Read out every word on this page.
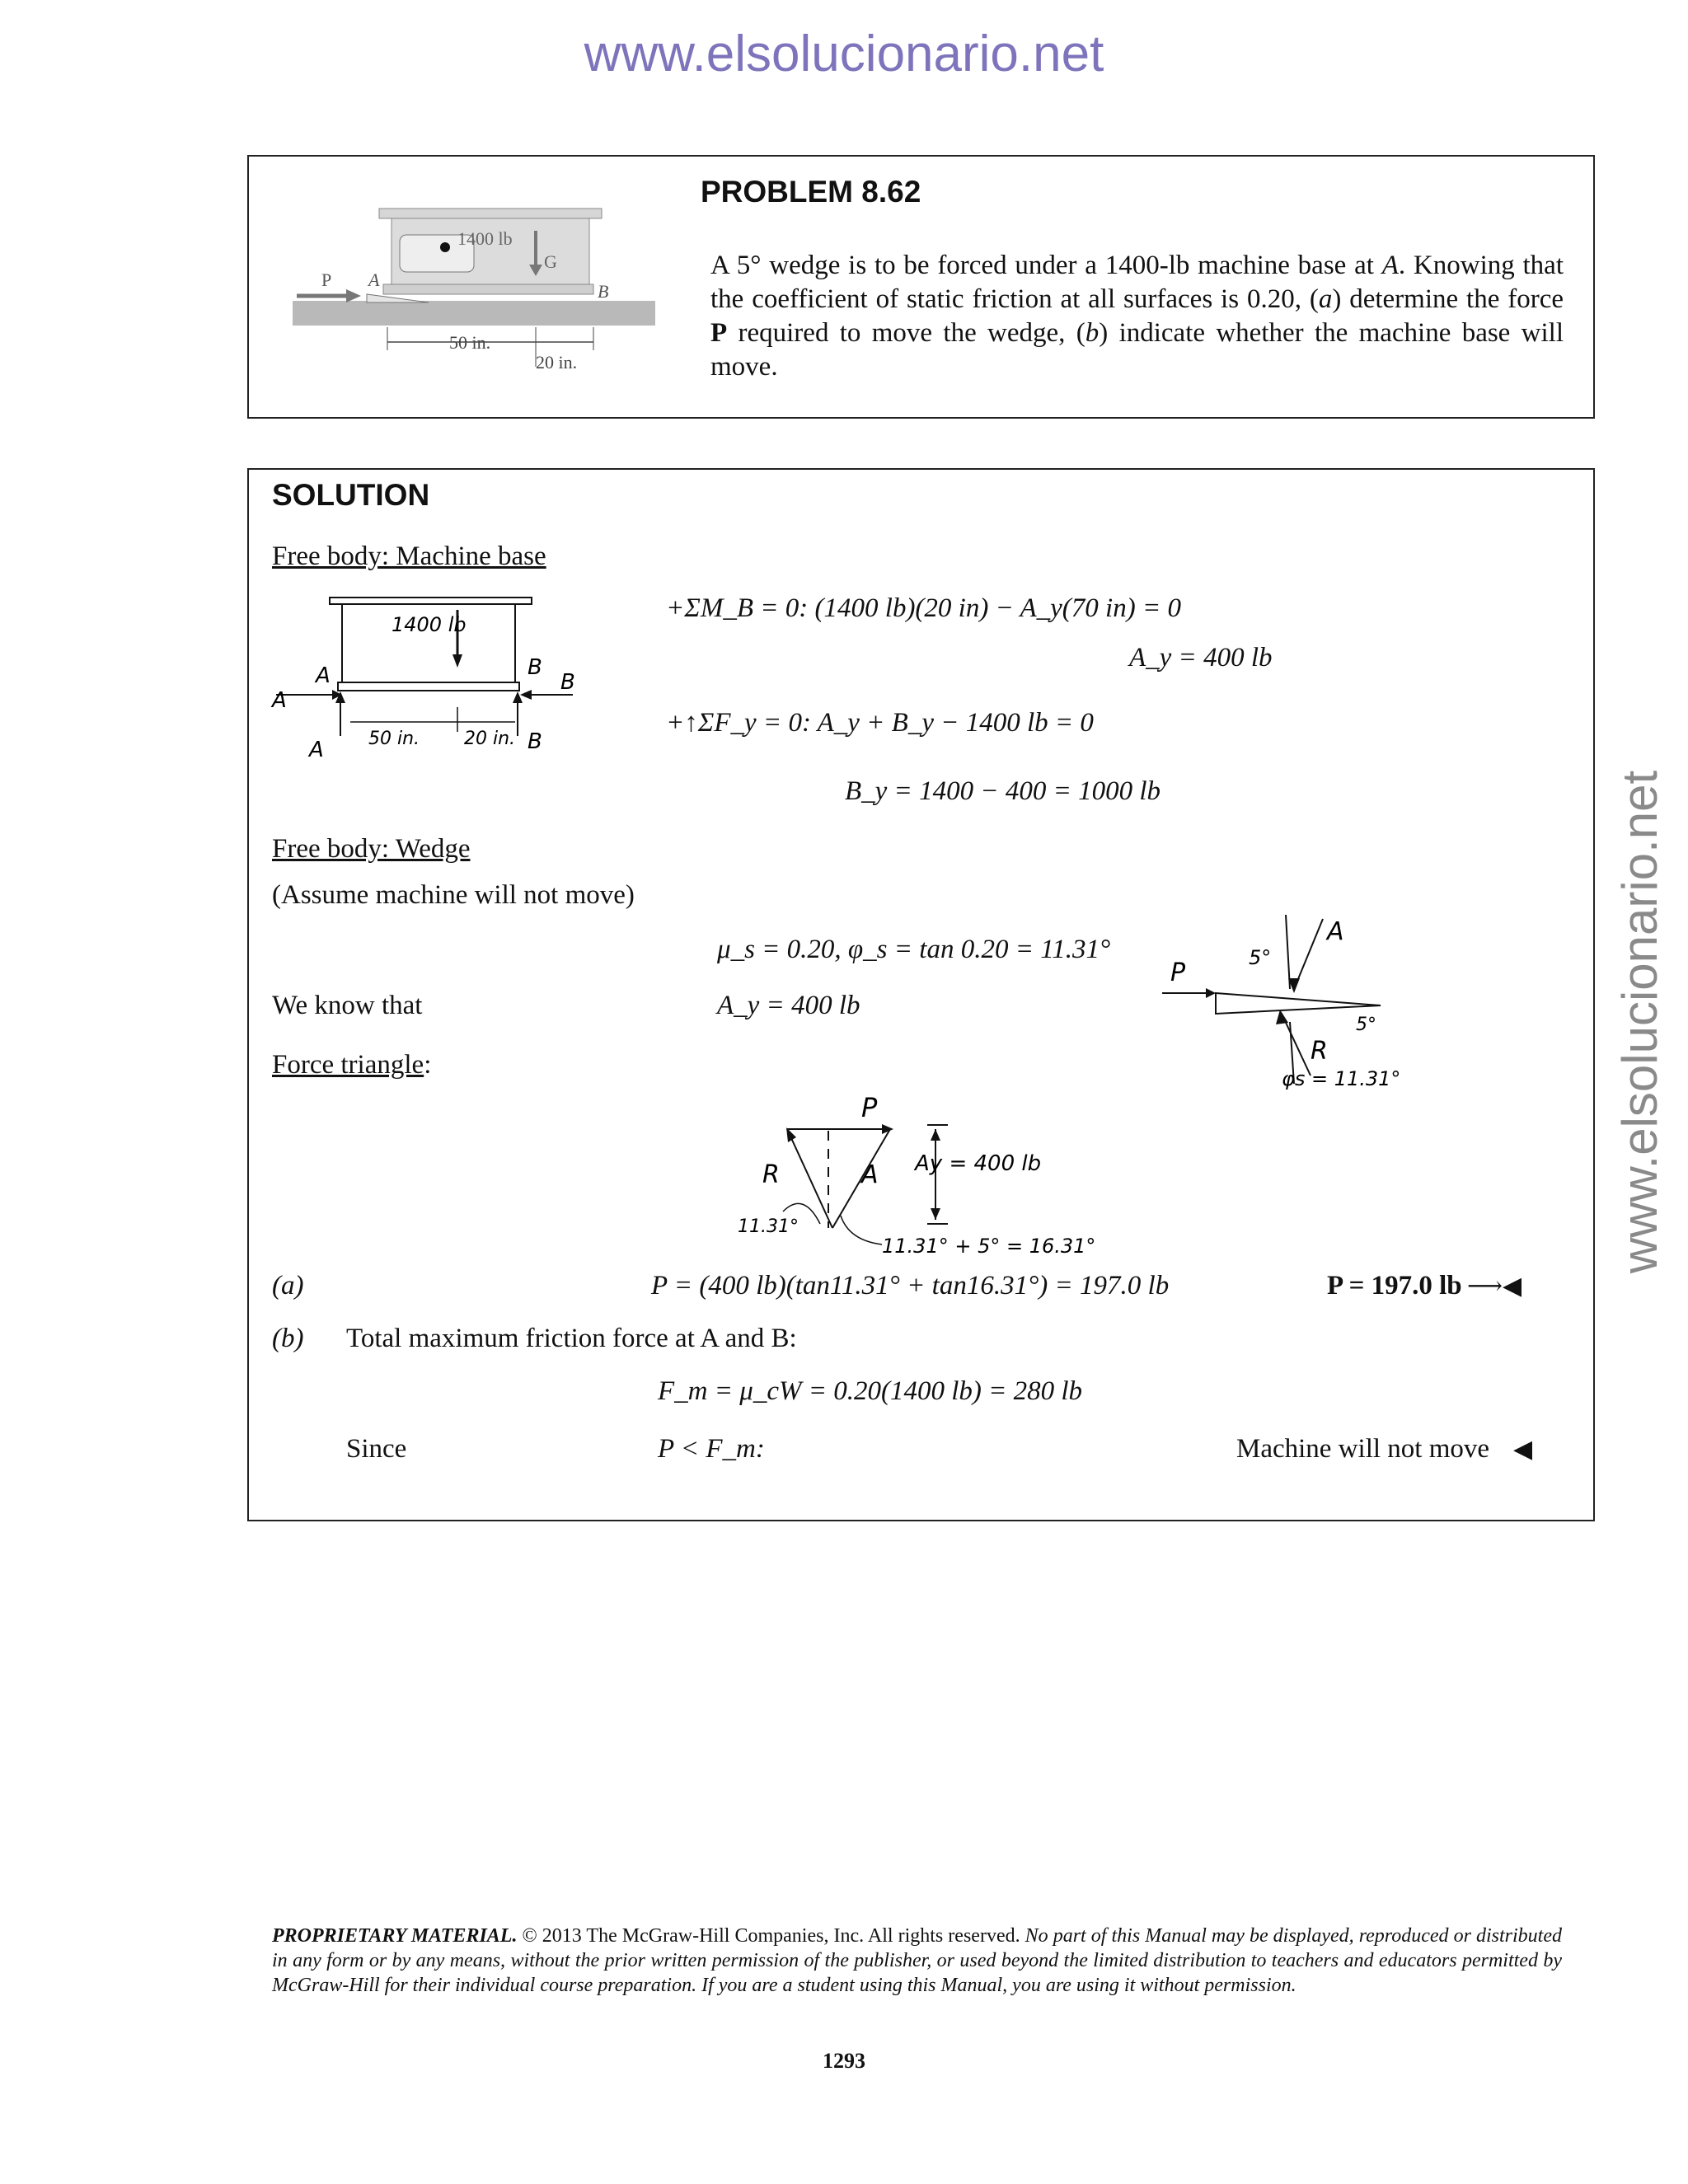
www.elsolucionario.net
www.elsolucionario.net
50 in.
20 in.
1400 lb
G
P A
B
PROBLEM 8.62
A 5° wedge is to be forced under a 1400-lb machine base at A. Knowing that the coefficient of static friction at all surfaces is 0.20, (a) determine the force P required to move the wedge, (b) indicate whether the machine base will move.
SOLUTION
Free body: Machine base
1400 lb
A	B
A
B
A	B
50 in. 20 in.
+ΣM_B = 0: (1400 lb)(20 in) − A_y(70 in) = 0
A_y = 400 lb
+↑ΣF_y = 0: A_y + B_y − 1400 lb = 0
B_y = 1400 − 400 = 1000 lb
Free body: Wedge
(Assume machine will not move)
μ_s = 0.20, φ_s = tan 0.20 = 11.31°
We know that	A_y = 400 lb
Force triangle:
P
5°
A
5°
R
φs = 11.31°
P
R	A Ay = 400 lb
11.31°
11.31° + 5° = 16.31°
(a)	P = (400 lb)(tan11.31° + tan16.31°) = 197.0 lb	P = 197.0 lb ⟶◀
(b) Total maximum friction force at A and B:
F_m = μ_cW = 0.20(1400 lb) = 280 lb
Since	P < F_m:	Machine will not move ◀
PROPRIETARY MATERIAL. © 2013 The McGraw-Hill Companies, Inc. All rights reserved. No part of this Manual may be displayed, reproduced or distributed in any form or by any means, without the prior written permission of the publisher, or used beyond the limited distribution to teachers and educators permitted by McGraw-Hill for their individual course preparation. If you are a student using this Manual, you are using it without permission.
1293
